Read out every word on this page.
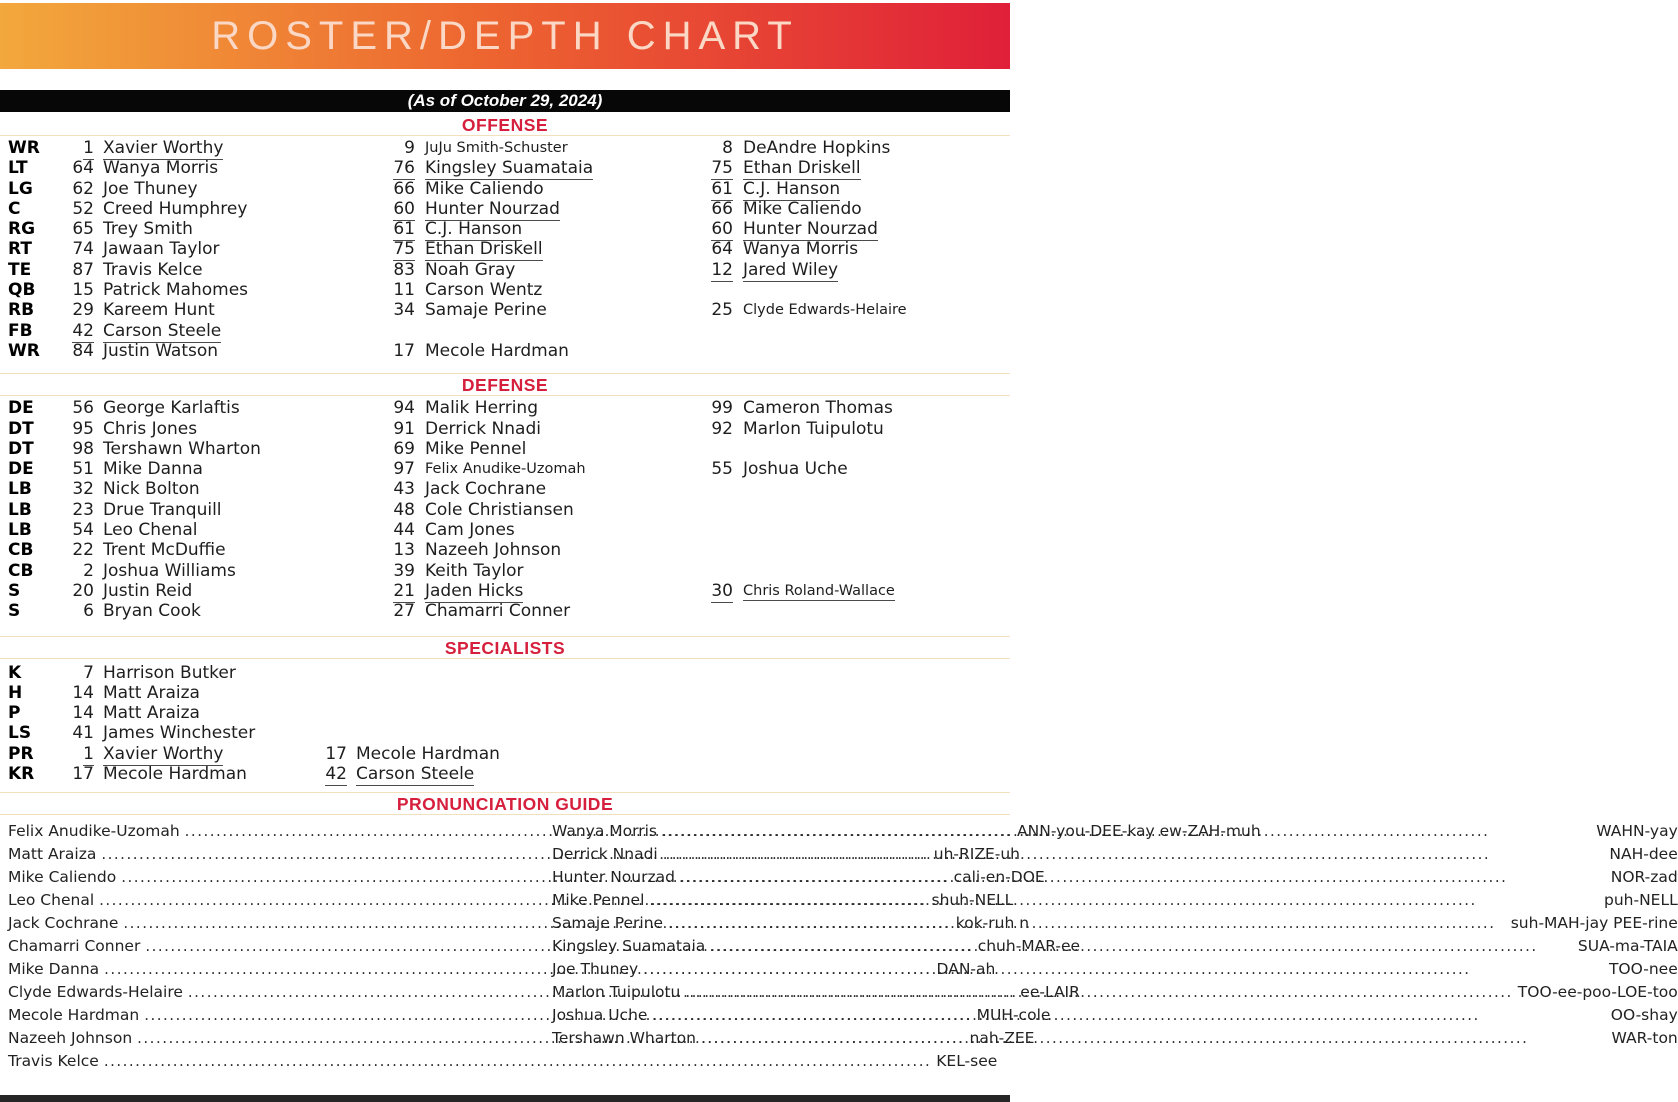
ROSTER/DEPTH CHART
(As of October 29, 2024)
OFFENSE
WR	1 Xavier Worthy	9 JuJu Smith-Schuster	8 DeAndre Hopkins
LT	64 Wanya Morris	76 Kingsley Suamataia	75 Ethan Driskell
LG	62 Joe Thuney	66 Mike Caliendo	61 C.J. Hanson
C	52 Creed Humphrey	60 Hunter Nourzad	66 Mike Caliendo
RG	65 Trey Smith	61 C.J. Hanson	60 Hunter Nourzad
RT	74 Jawaan Taylor	75 Ethan Driskell	64 Wanya Morris
TE	87 Travis Kelce	83 Noah Gray	12 Jared Wiley
QB	15 Patrick Mahomes	11 Carson Wentz
RB	29 Kareem Hunt	34 Samaje Perine	25 Clyde Edwards-Helaire
FB	42 Carson Steele
WR	84 Justin Watson	17 Mecole Hardman
DEFENSE
DE	56 George Karlaftis	94 Malik Herring	99 Cameron Thomas
DT	95 Chris Jones	91 Derrick Nnadi	92 Marlon Tuipulotu
DT	98 Tershawn Wharton	69 Mike Pennel
DE	51 Mike Danna	97 Felix Anudike-Uzomah	55 Joshua Uche
LB	32 Nick Bolton	43 Jack Cochrane
LB	23 Drue Tranquill	48 Cole Christiansen
LB	54 Leo Chenal	44 Cam Jones
CB	22 Trent McDuffie	13 Nazeeh Johnson
CB	2 Joshua Williams	39 Keith Taylor
S	20 Justin Reid	21 Jaden Hicks	30 Chris Roland-Wallace
S	6 Bryan Cook	27 Chamarri Conner
SPECIALISTS
K	7 Harrison Butker
H	14 Matt Araiza
P	14 Matt Araiza
LS	41 James Winchester
PR	1 Xavier Worthy	17 Mecole Hardman
KR	17 Mecole Hardman	42 Carson Steele
PRONUNCIATION GUIDE
Felix Anudike-Uzomah .....	ANN-you-DEE-kay ew-ZAH-muh
Matt Araiza .....	uh-RIZE-uh
Mike Caliendo .....	cali-en-DOE
Leo Chenal .....	shuh-NELL
Jack Cochrane .....	kok-ruh n
Chamarri Conner .....	chuh-MAR-ee
Mike Danna .....	DAN-ah
Clyde Edwards-Helaire .....	ee-LAIR
Mecole Hardman .....	MUH-cole
Nazeeh Johnson .....	nah-ZEE
Travis Kelce .....	KEL-see
Wanya Morris .....	WAHN-yay
Derrick Nnadi .....	NAH-dee
Hunter Nourzad .....	NOR-zad
Mike Pennel .....	puh-NELL
Samaje Perine .....	suh-MAH-jay PEE-rine
Kingsley Suamataia .....	SUA-ma-TAIA
Joe Thuney .....	TOO-nee
Marlon Tuipulotu .....	TOO-ee-poo-LOE-too
Joshua Uche .....	OO-shay
Tershawn Wharton .....	WAR-ton
